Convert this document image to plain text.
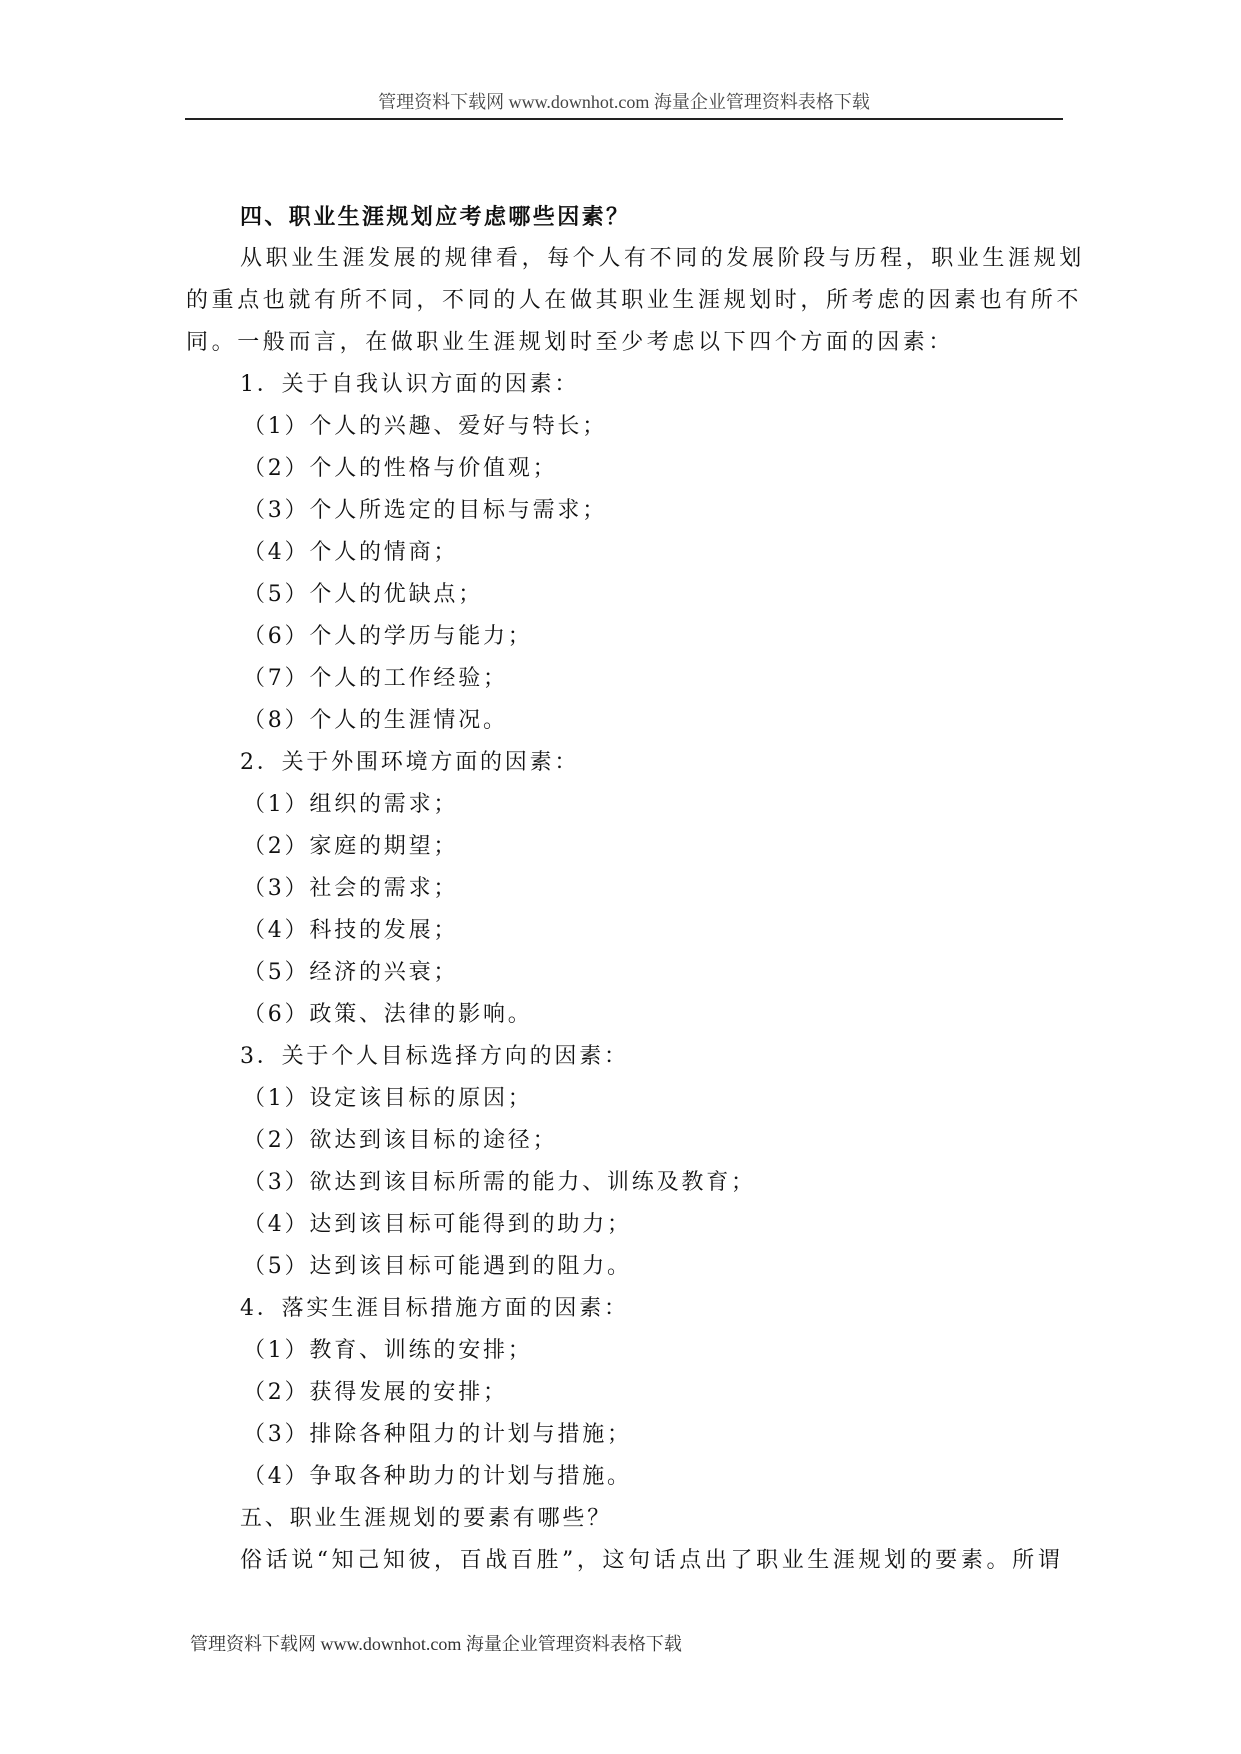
管理资料下载网 www.downhot.com 海量企业管理资料表格下载
四、职业生涯规划应考虑哪些因素？
从职业生涯发展的规律看，每个人有不同的发展阶段与历程，职业生涯规划
的重点也就有所不同，不同的人在做其职业生涯规划时，所考虑的因素也有所不
同。一般而言，在做职业生涯规划时至少考虑以下四个方面的因素：
1．关于自我认识方面的因素：
（1）个人的兴趣、爱好与特长；
（2）个人的性格与价值观；
（3）个人所选定的目标与需求；
（4）个人的情商；
（5）个人的优缺点；
（6）个人的学历与能力；
（7）个人的工作经验；
（8）个人的生涯情况。
2．关于外围环境方面的因素：
（1）组织的需求；
（2）家庭的期望；
（3）社会的需求；
（4）科技的发展；
（5）经济的兴衰；
（6）政策、法律的影响。
3．关于个人目标选择方向的因素：
（1）设定该目标的原因；
（2）欲达到该目标的途径；
（3）欲达到该目标所需的能力、训练及教育；
（4）达到该目标可能得到的助力；
（5）达到该目标可能遇到的阻力。
4．落实生涯目标措施方面的因素：
（1）教育、训练的安排；
（2）获得发展的安排；
（3）排除各种阻力的计划与措施；
（4）争取各种助力的计划与措施。
五、职业生涯规划的要素有哪些？
俗话说“知己知彼，百战百胜”，这句话点出了职业生涯规划的要素。所谓
管理资料下载网 www.downhot.com 海量企业管理资料表格下载
